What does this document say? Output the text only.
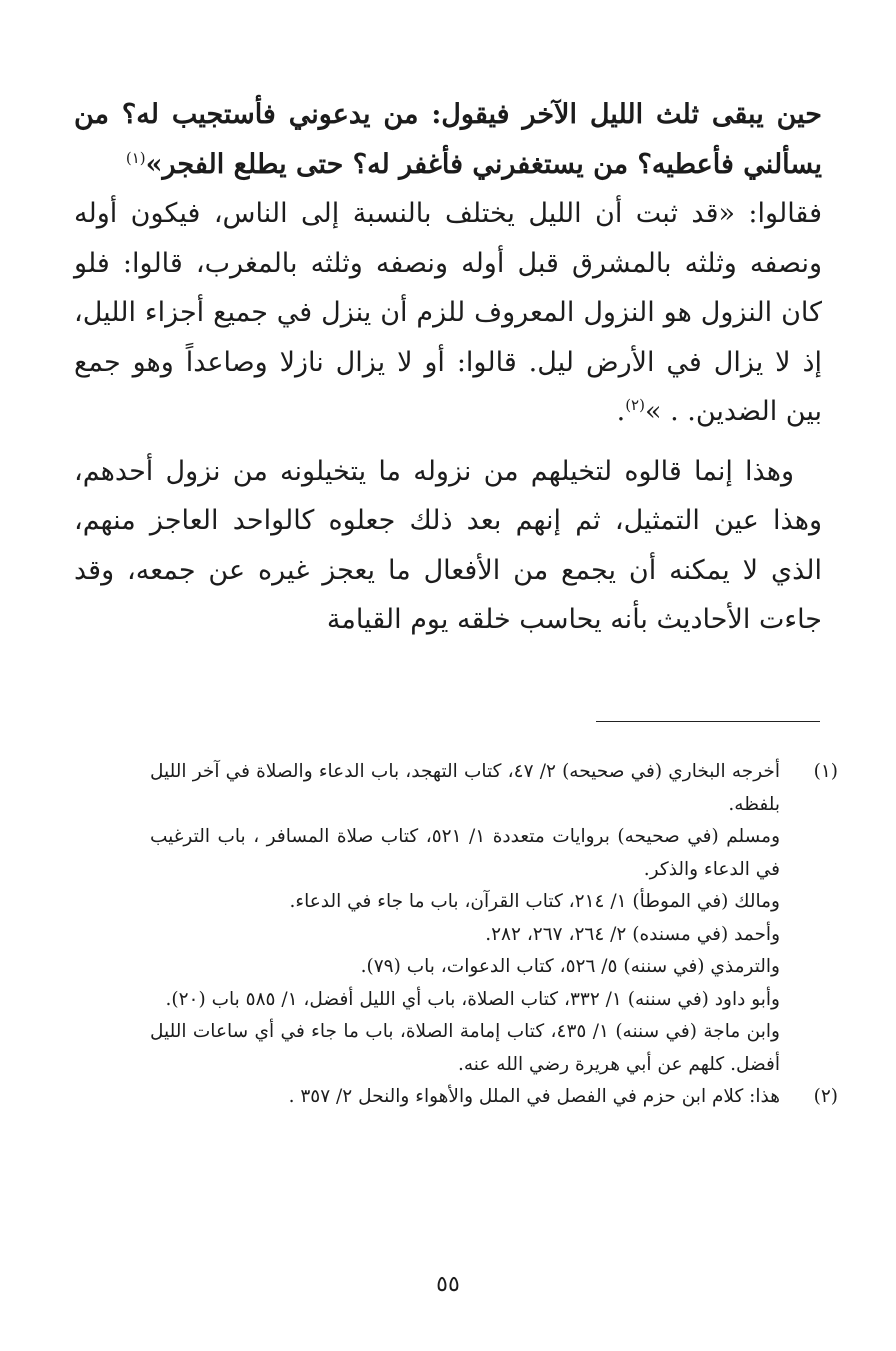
حين يبقى ثلث الليل الآخر فيقول: من يدعوني فأستجيب له؟ من يسألني فأعطيه؟ من يستغفرني فأغفر له؟ حتى يطلع الفجر»$^{(١)}$

فقالوا: «قد ثبت أن الليل يختلف بالنسبة إلى الناس، فيكون أوله ونصفه وثلثه بالمشرق قبل أوله ونصفه وثلثه بالمغرب، قالوا: فلو كان النزول هو النزول المعروف للزم أن ينزل في جميع أجزاء الليل، إذ لا يزال في الأرض ليل. قالوا: أو لا يزال نازلا وصاعداً وهو جمع بين الضدين. . »$^{(٢)}$.

وهذا إنما قالوه لتخيلهم من نزوله ما يتخيلونه من نزول أحدهم، وهذا عين التمثيل، ثم إنهم بعد ذلك جعلوه كالواحد العاجز منهم، الذي لا يمكنه أن يجمع من الأفعال ما يعجز غيره عن جمعه، وقد جاءت الأحاديث بأنه يحاسب خلقه يوم القيامة

(١)

أخرجه البخاري (في صحيحه) ٢/ ٤٧، كتاب التهجد، باب الدعاء والصلاة في آخر الليل بلفظه.

ومسلم (في صحيحه) بروايات متعددة ١/ ٥٢١، كتاب صلاة المسافر ، باب الترغيب في الدعاء والذكر.

ومالك (في الموطأ) ١/ ٢١٤، كتاب القرآن، باب ما جاء في الدعاء.

وأحمد (في مسنده) ٢/ ٢٦٤، ٢٦٧، ٢٨٢.

والترمذي (في سننه) ٥/ ٥٢٦، كتاب الدعوات، باب (٧٩).

وأبو داود (في سننه) ١/ ٣٣٢، كتاب الصلاة، باب أي الليل أفضل، ١/ ٥٨٥ باب (٢٠).

وابن ماجة (في سننه) ١/ ٤٣٥، كتاب إمامة الصلاة، باب ما جاء في أي ساعات الليل أفضل. كلهم عن أبي هريرة رضي الله عنه.

(٢)

هذا: كلام ابن حزم في الفصل في الملل والأهواء والنحل ٢/ ٣٥٧ .

٥٥
